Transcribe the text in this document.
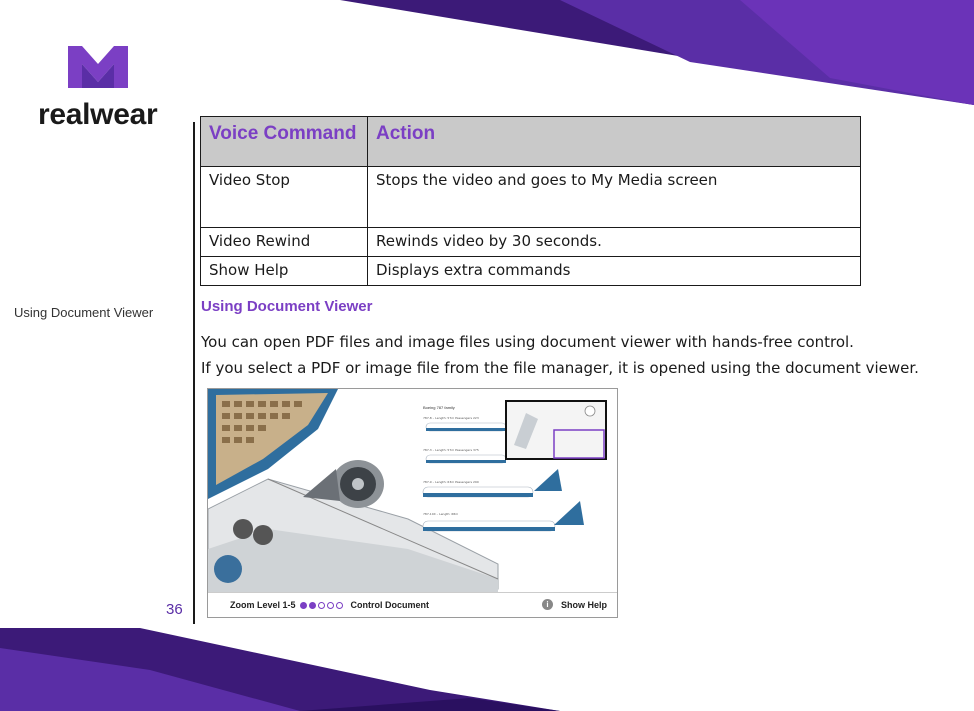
realwear
Using Document Viewer
36
Voice Command	Action
Video Stop	Stops the video and goes to My Media screen
Video Rewind	Rewinds video by 30 seconds.
Show Help	Displays extra commands
Using Document Viewer
You can open PDF files and image files using document viewer with hands-free control.
If you select a PDF or image file from the file manager, it is opened using the document viewer.
Boeing 787 family
787-8 – Length: 57m Passengers 223
787-3 – Length: 57m Passengers 375
787-9 – Length: 63m Passengers 290
787-10X – Length: 68m
Zoom Level 1-5	Control Document	i	Show Help
